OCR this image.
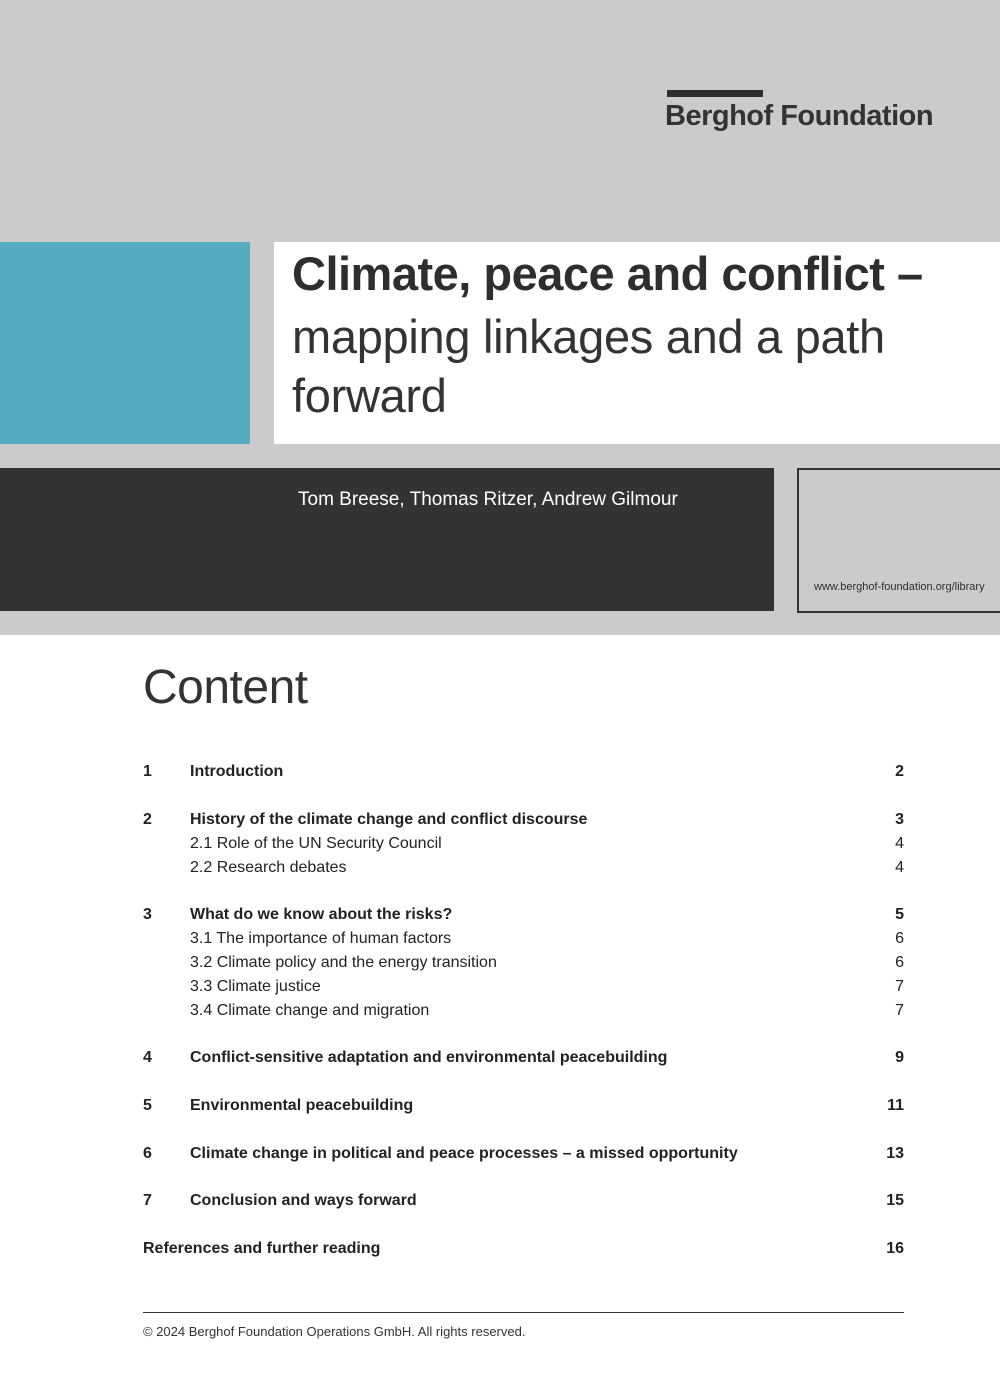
Berghof Foundation
Climate, peace and conflict –
mapping linkages and a path forward
Tom Breese, Thomas Ritzer, Andrew Gilmour
www.berghof-foundation.org/library
Content
1 Introduction	2
2 History of the climate change and conflict discourse	3
2.1 Role of the UN Security Council	4
2.2 Research debates	4
3 What do we know about the risks?	5
3.1 The importance of human factors	6
3.2 Climate policy and the energy transition	6
3.3 Climate justice	7
3.4 Climate change and migration	7
4 Conflict-sensitive adaptation and environmental peacebuilding	9
5 Environmental peacebuilding	11
6 Climate change in political and peace processes – a missed opportunity	13
7 Conclusion and ways forward	15
References and further reading	16
© 2024 Berghof Foundation Operations GmbH. All rights reserved.
